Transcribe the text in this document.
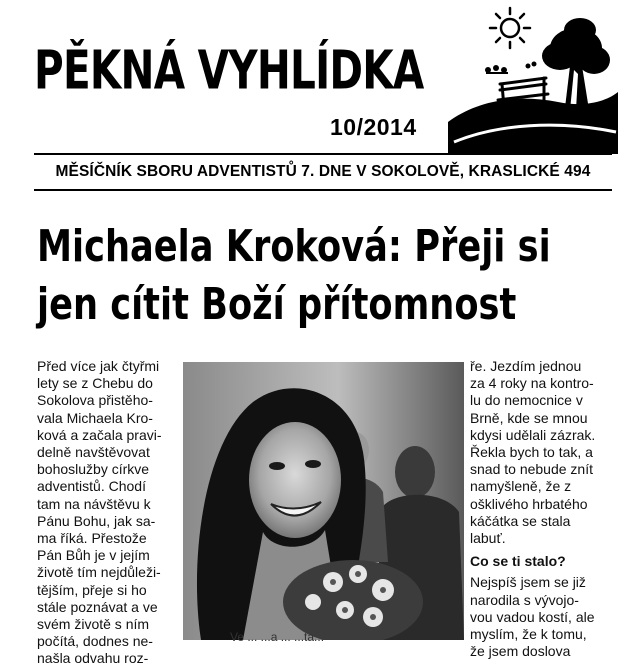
PĚKNÁ VYHLÍDKA
10/2014
MĚSÍČNÍK SBORU ADVENTISTŮ 7. DNE V SOKOLOVĚ, KRASLICKÉ 494
Michaela Kroková: Přeji si
jen cítit Boží přítomnost
Před více jak čtyřmi
lety se z Chebu do
Sokolova přistěho-
vala Michaela Kro-
ková a začala pravi-
delně navštěvovat
bohoslužby církve
adventistů. Chodí
tam na návštěvu k
Pánu Bohu, jak sa-
ma říká. Přestože
Pán Bůh je v jejím
životě tím nejdůleži-
tějším, přeje si ho
stále poznávat a ve
svém životě s ním
počítá, dodnes ne-
našla odvahu roz-
ře. Jezdím jednou
za 4 roky na kontro-
lu do nemocnice v
Brně, kde se mnou
kdysi udělali zázrak.
Řekla bych to tak, a
snad to nebude znít
namyšleně, že z
ošklivého hrbatého
káčátka se stala
labuť.
Co se ti stalo?
Nejspíš jsem se již
narodila s vývojo-
vou vadou kostí, ale
myslím, že k tomu,
že jsem doslova
Ve ... ...a ... ...ta...
